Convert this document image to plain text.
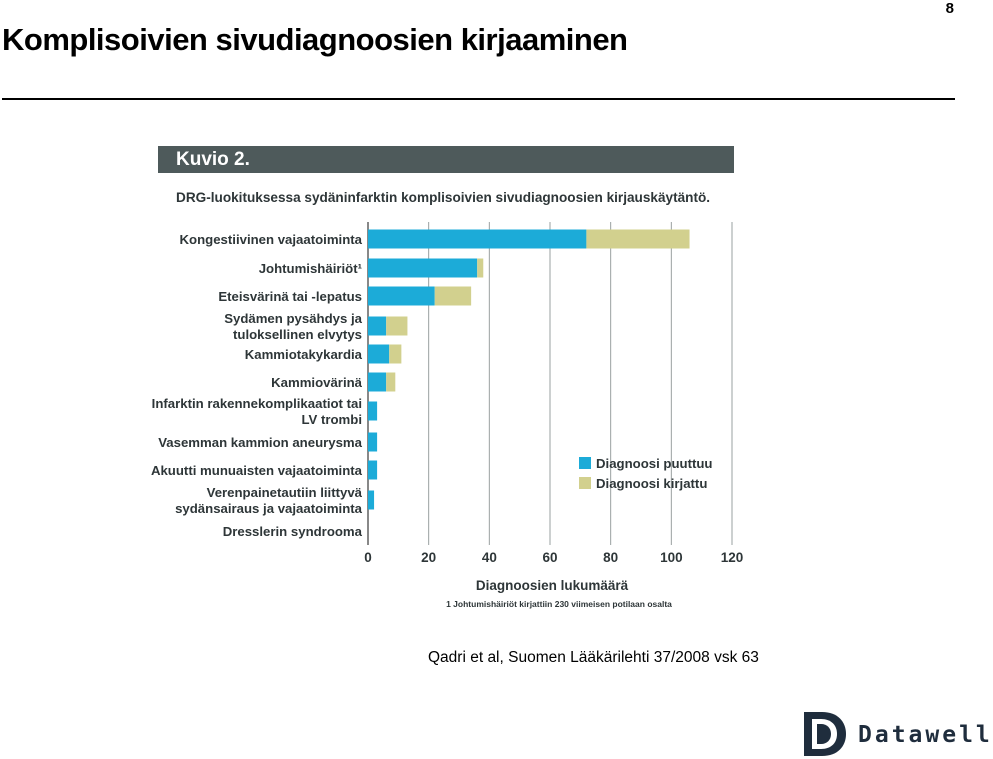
Komplisoivien sivudiagnoosien kirjaaminen
8
Kuvio 2.
DRG-luokituksessa sydäninfarktin komplisoivien sivudiagnoosien kirjauskäytäntö.
Kongestiivinen vajaatoiminta
Johtumishäiriöt¹
Eteisvärinä tai -lepatus
Sydämen pysähdys ja tuloksellinen elvytys
Kammiotakykardia
Kammiovärinä
Infarktin rakennekomplikaatiot tai LV trombi
Vasemman kammion aneurysma
Akuutti munuaisten vajaatoiminta
Verenpainetautiin liittyvä sydänsairaus ja vajaatoiminta
Dresslerin syndrooma
0	20	40	60	80	100	120
Diagnoosi puuttuu
Diagnoosi kirjattu
Diagnoosien lukumäärä
1 Johtumishäiriöt kirjattiin 230 viimeisen potilaan osalta
Qadri et al, Suomen Lääkärilehti 37/2008 vsk 63
Datawell
